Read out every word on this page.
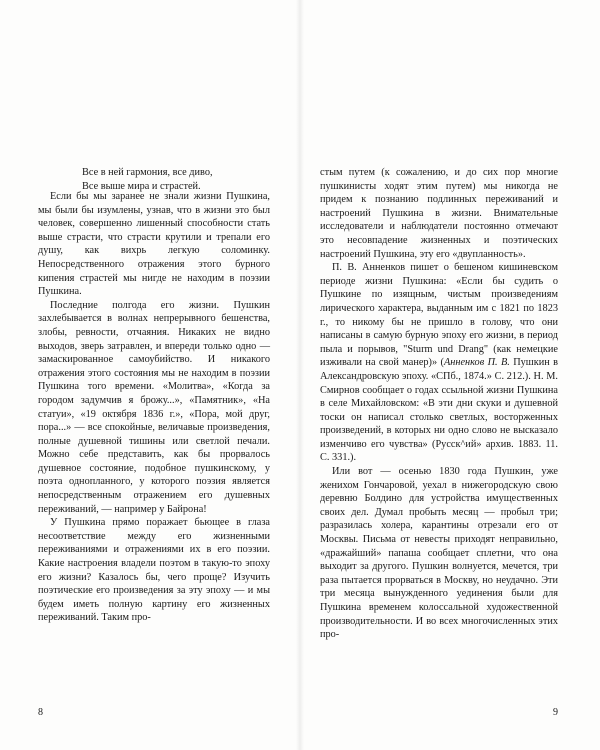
Все в ней гармония, все диво,
Все выше мира и страстей.

Если бы мы заранее не знали жизни Пушкина, мы были бы изумлены, узнав, что в жизни это был человек, совершенно лишенный способности стать выше страсти, что страсти крутили и трепали его душу, как вихрь легкую соломинку. Непосредственного отражения этого бурного кипения страстей мы нигде не находим в поэзии Пушкина.

Последние полгода его жизни. Пушкин захлебывается в волнах непрерывного бешенства, злобы, ревности, отчаяния. Никаких не видно выходов, зверь затравлен, и впереди только одно — замаскированное самоубийство. И никакого отражения этого состояния мы не находим в поэзии Пушкина того времени. «Молитва», «Когда за городом задумчив я брожу...», «Памятник», «На статуи», «19 октября 1836 г.», «Пора, мой друг, пора...» — все спокойные, величавые произведения, полные душевной тишины или светлой печали. Можно себе представить, как бы прорвалось душевное состояние, подобное пушкинскому, у поэта однопланного, у которого поэзия является непосредственным отражением его душевных переживаний, — например у Байрона!

У Пушкина прямо поражает бьющее в глаза несоответствие между его жизненными переживаниями и отражениями их в его поэзии. Какие настроения владели поэтом в такую-то эпоху его жизни? Казалось бы, чего проще? Изучить поэтические его произведения за эту эпоху — и мы будем иметь полную картину его жизненных переживаний. Таким про-

8

стым путем (к сожалению, и до сих пор многие пушкинисты ходят этим путем) мы никогда не придем к познанию подлинных переживаний и настроений Пушкина в жизни. Внимательные исследователи и наблюдатели постоянно отмечают это несовпадение жизненных и поэтических настроений Пушкина, эту его «двупланность».

П. В. Анненков пишет о бешеном кишиневском периоде жизни Пушкина: «Если бы судить о Пушкине по изящным, чистым произведениям лирического характера, выданным им с 1821 по 1823 г., то никому бы не пришло в голову, что они написаны в самую бурную эпоху его жизни, в период пыла и порывов, "Sturm und Drang" (как немецкие изживали на свой манер)» (Анненков П. В. Пушкин в Александровскую эпоху. «СПб., 1874.» С. 212.). Н. М. Смирнов сообщает о годах ссыльной жизни Пушкина в селе Михайловском: «В эти дни скуки и душевной тоски он написал столько светлых, восторженных произведений, в которых ни одно слово не высказало изменчиво его чувства» (Русск^ий» архив. 1883. 11. С. 331.).

Или вот — осенью 1830 года Пушкин, уже женихом Гончаровой, уехал в нижегородскую свою деревню Болдино для устройства имущественных своих дел. Думал пробыть месяц — пробыл три; разразилась холера, карантины отрезали его от Москвы. Письма от невесты приходят неправильно, «дражайший» папаша сообщает сплетни, что она выходит за другого. Пушкин волнуется, мечется, три раза пытается прорваться в Москву, но неудачно. Эти три месяца вынужденного уединения были для Пушкина временем колоссальной художественной производительности. И во всех многочисленных этих про-

9
